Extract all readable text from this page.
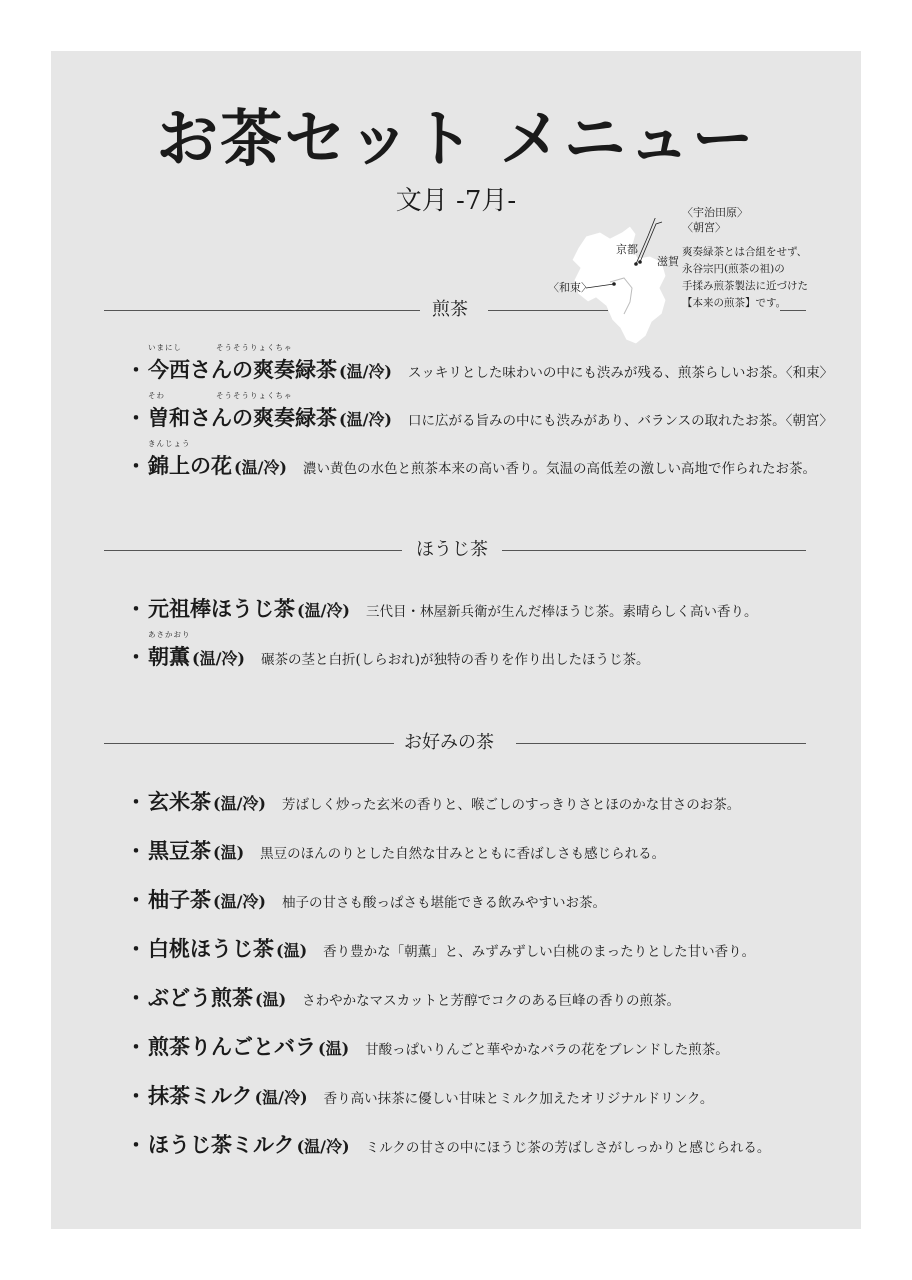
お茶セット メニュー
文月 -7月-	〈宇治田原〉
〈朝宮〉
京都
滋賀
〈和束〉
爽奏緑茶とは合組をせず、
永谷宗円(煎茶の祖)の
手揉み煎茶製法に近づけた
【本来の煎茶】です。
煎茶
・
いまにし　　　　そうそうりょくちゃ
今西さんの爽奏緑茶 (温/冷) スッキリとした味わいの中にも渋みが残る、煎茶らしいお茶。〈和束〉
・
そわ　　　　　　そうそうりょくちゃ
曽和さんの爽奏緑茶 (温/冷) 口に広がる旨みの中にも渋みがあり、バランスの取れたお茶。〈朝宮〉
・
きんじょう
錦上の花 (温/冷) 濃い黄色の水色と煎茶本来の高い香り。気温の高低差の激しい高地で作られたお茶。
ほうじ茶
・ 元祖棒ほうじ茶 (温/冷) 三代目・林屋新兵衛が生んだ棒ほうじ茶。素晴らしく高い香り。
・
あさかおり
朝薫 (温/冷) 碾茶の茎と白折(しらおれ)が独特の香りを作り出したほうじ茶。
お好みの茶
・ 玄米茶 (温/冷) 芳ばしく炒った玄米の香りと、喉ごしのすっきりさとほのかな甘さのお茶。
・ 黒豆茶 (温) 黒豆のほんのりとした自然な甘みとともに香ばしさも感じられる。
・ 柚子茶 (温/冷) 柚子の甘さも酸っぱさも堪能できる飲みやすいお茶。
・ 白桃ほうじ茶 (温) 香り豊かな「朝薫」と、みずみずしい白桃のまったりとした甘い香り。
・ ぶどう煎茶 (温) さわやかなマスカットと芳醇でコクのある巨峰の香りの煎茶。
・ 煎茶りんごとバラ (温) 甘酸っぱいりんごと華やかなバラの花をブレンドした煎茶。
・ 抹茶ミルク (温/冷) 香り高い抹茶に優しい甘味とミルク加えたオリジナルドリンク。
・ ほうじ茶ミルク (温/冷) ミルクの甘さの中にほうじ茶の芳ばしさがしっかりと感じられる。
